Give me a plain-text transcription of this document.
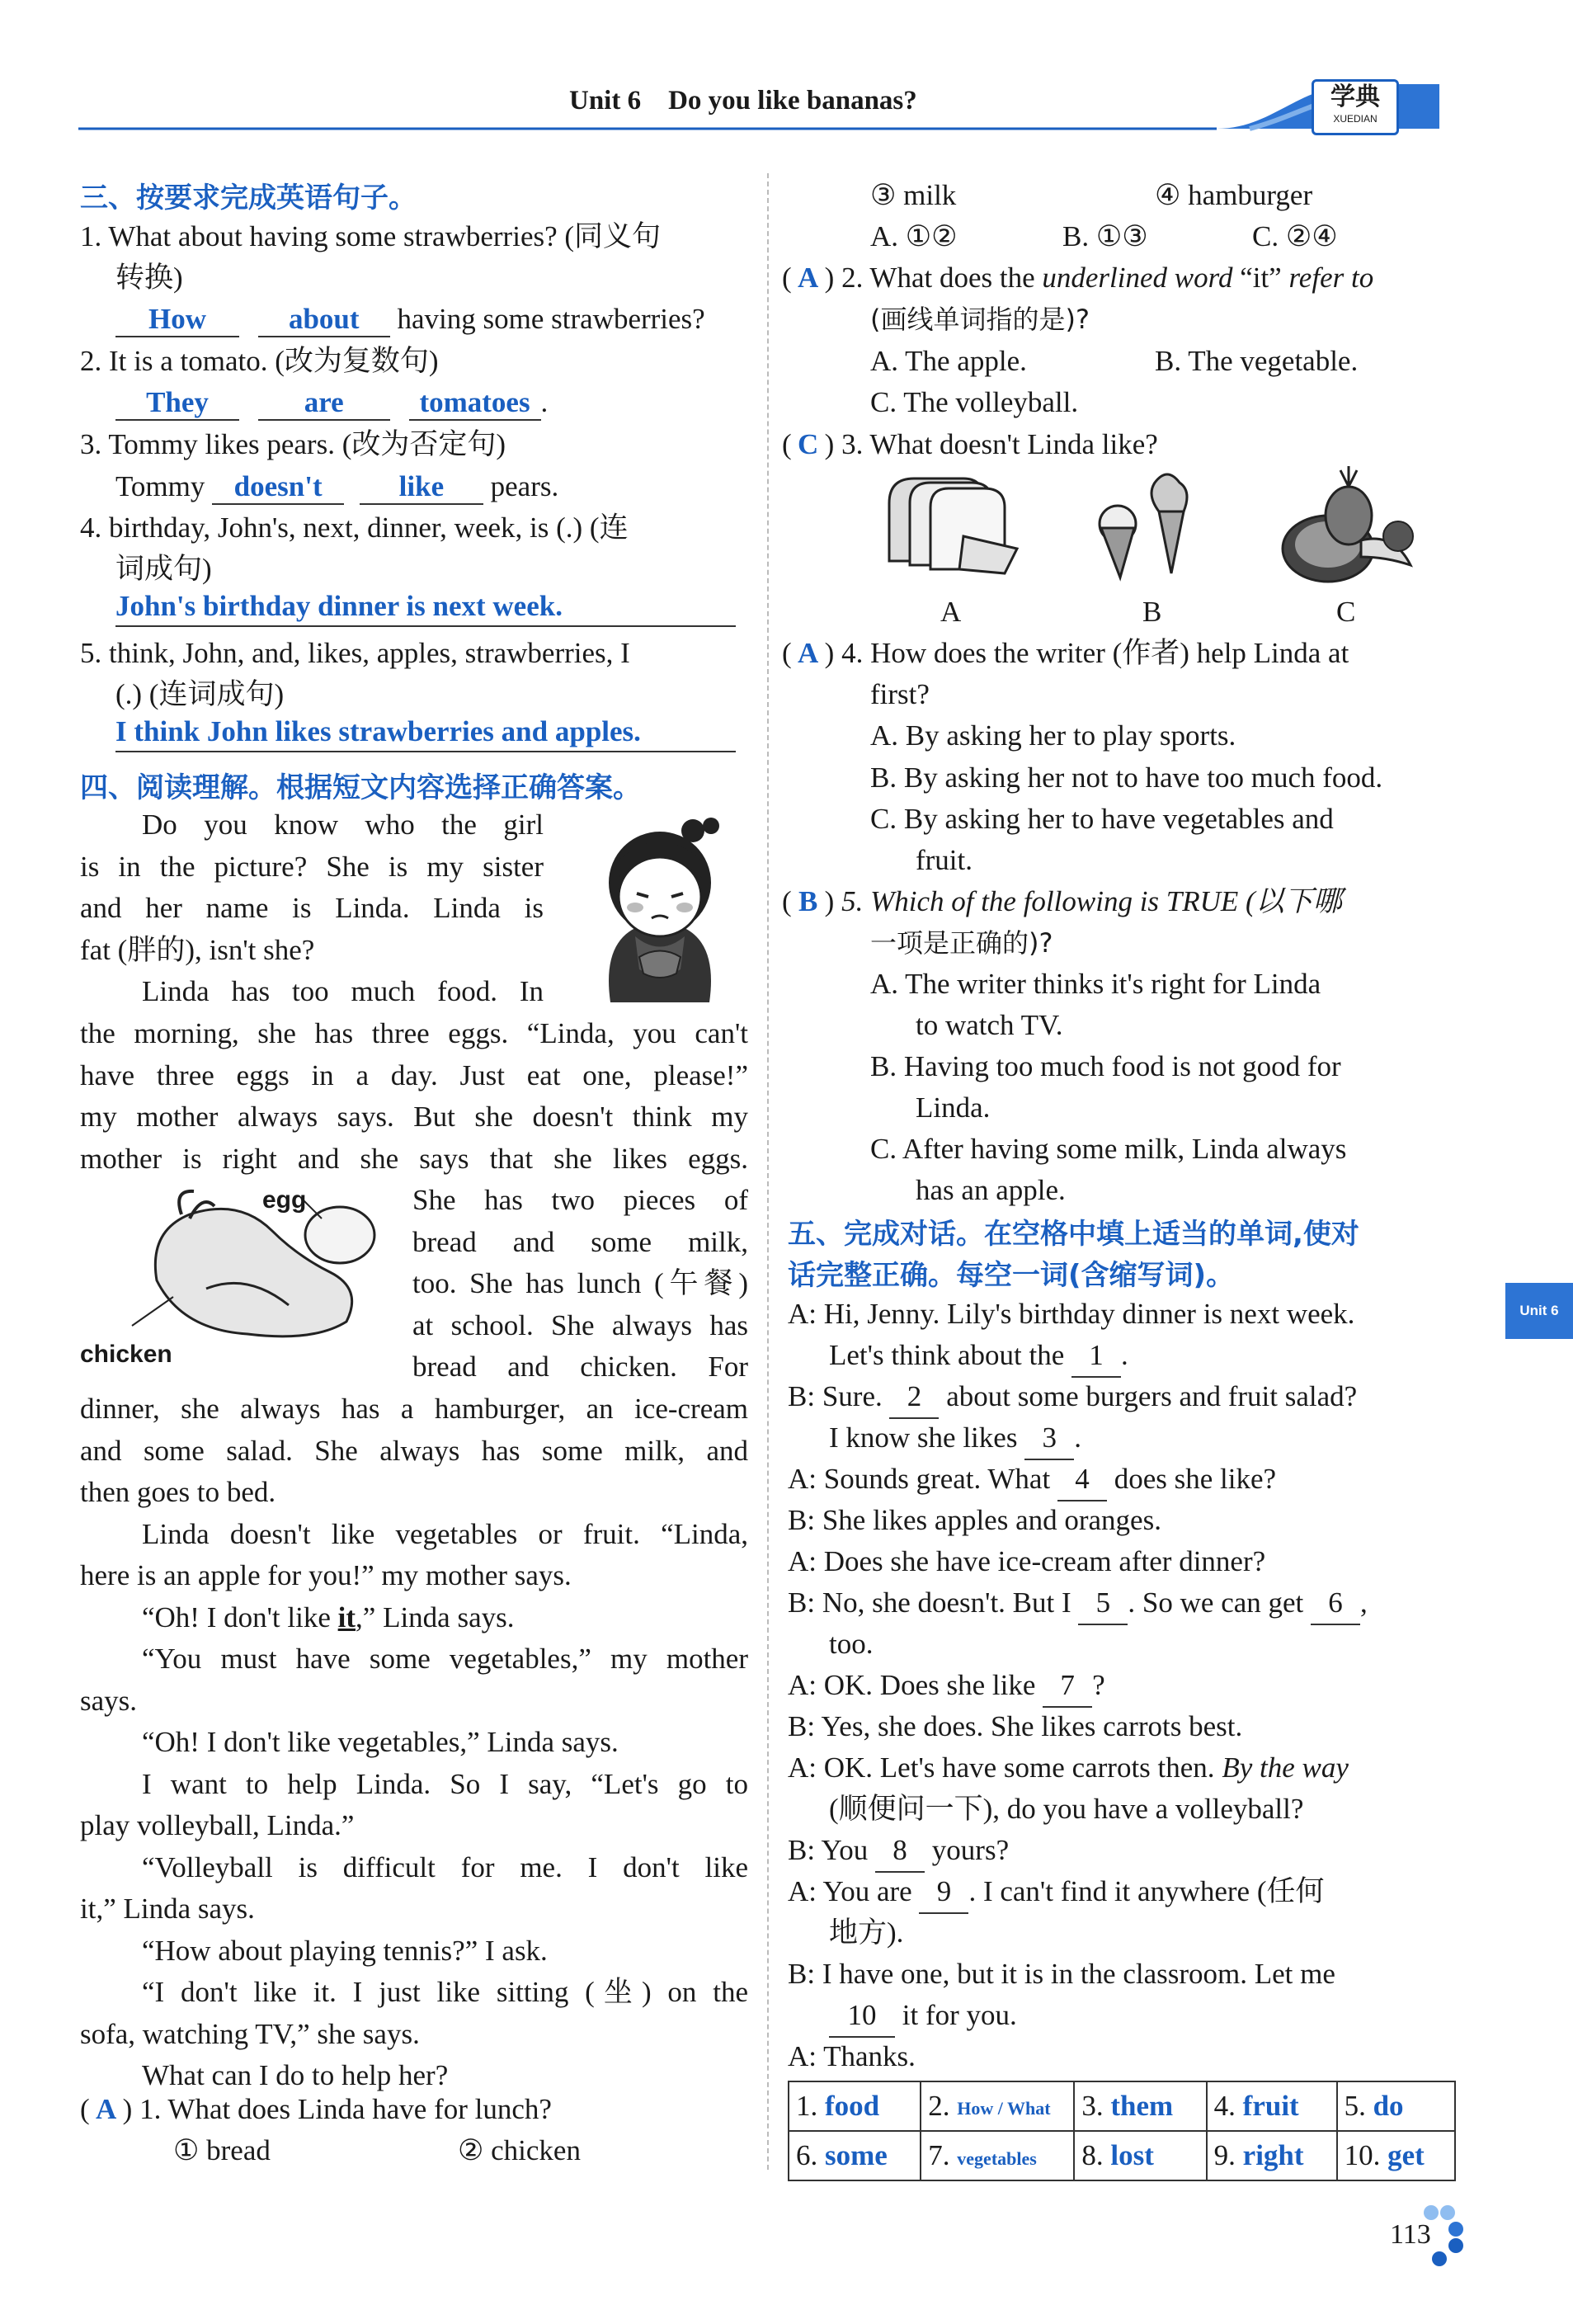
Unit 6    Do you like bananas?	学典
XUEDIAN
Unit 6
三、按要求完成英语句子。
1. What about having some strawberries? (同义句
转换)
How	about having some strawberries?
2. It is a tomato. (改为复数句)
They	are	tomatoes .
3. Tommy likes pears. (改为否定句)
Tommy doesn't	like pears.
4. birthday, John's, next, dinner, week, is (.) (连
词成句)
John's birthday dinner is next week.
5. think, John, and, likes, apples, strawberries, I
(.) (连词成句)
I think John likes strawberries and apples.
四、阅读理解。根据短文内容选择正确答案。
Do you know who the girl
is in the picture? She is my sister
and her name is Linda. Linda is
fat (胖的), isn't she?
Linda has too much food. In
the morning, she has three eggs. “Linda, you can't
have three eggs in a day. Just eat one, please!”
my mother always says. But she doesn't think my
mother is right and she says that she likes eggs.
She has two pieces of
bread and some milk,
too. She has lunch (午餐)
at school. She always has
bread and chicken. For
dinner, she always has a hamburger, an ice-cream
and some salad. She always has some milk, and
then goes to bed.
Linda doesn't like vegetables or fruit. “Linda,
here is an apple for you!” my mother says.
“Oh! I don't like it,” Linda says.
“You must have some vegetables,” my mother
says.
“Oh! I don't like vegetables,” Linda says.
I want to help Linda. So I say, “Let's go to
play volleyball, Linda.”
“Volleyball is difficult for me. I don't like
it,” Linda says.
“How about playing tennis?” I ask.
“I don't like it. I just like sitting (坐) on the
sofa, watching TV,” she says.
What can I do to help her?
egg
chicken
( A ) 1. What does Linda have for lunch?
① bread	② chicken
③ milk	④ hamburger
A. ①②	B. ①③	C. ②④
( A ) 2. What does the underlined word “it” refer to
(画线单词指的是)?
A. The apple.	B. The vegetable.
C. The volleyball.
( C ) 3. What doesn't Linda like?
A	B	C
( A ) 4. How does the writer (作者) help Linda at
first?
A. By asking her to play sports.
B. By asking her not to have too much food.
C. By asking her to have vegetables and
fruit.
( B ) 5. Which of the following is TRUE (以下哪
一项是正确的)?
A. The writer thinks it's right for Linda
to watch TV.
B. Having too much food is not good for
Linda.
C. After having some milk, Linda always
has an apple.
五、完成对话。在空格中填上适当的单词,使对
话完整正确。每空一词(含缩写词)。
A: Hi, Jenny. Lily's birthday dinner is next week.
Let's think about the 1 .
B: Sure. 2 about some burgers and fruit salad?
I know she likes 3 .
A: Sounds great. What 4 does she like?
B: She likes apples and oranges.
A: Does she have ice-cream after dinner?
B: No, she doesn't. But I 5 . So we can get 6 ,
too.
A: OK. Does she like 7 ?
B: Yes, she does. She likes carrots best.
A: OK. Let's have some carrots then. By the way
(顺便问一下), do you have a volleyball?
B: You 8 yours?
A: You are 9 . I can't find it anywhere (任何
地方).
B: I have one, but it is in the classroom. Let me
10 it for you.
A: Thanks.
1. food	2. How / What	3. them	4. fruit	5. do
6. some	7. vegetables	8. lost	9. right	10. get
113
